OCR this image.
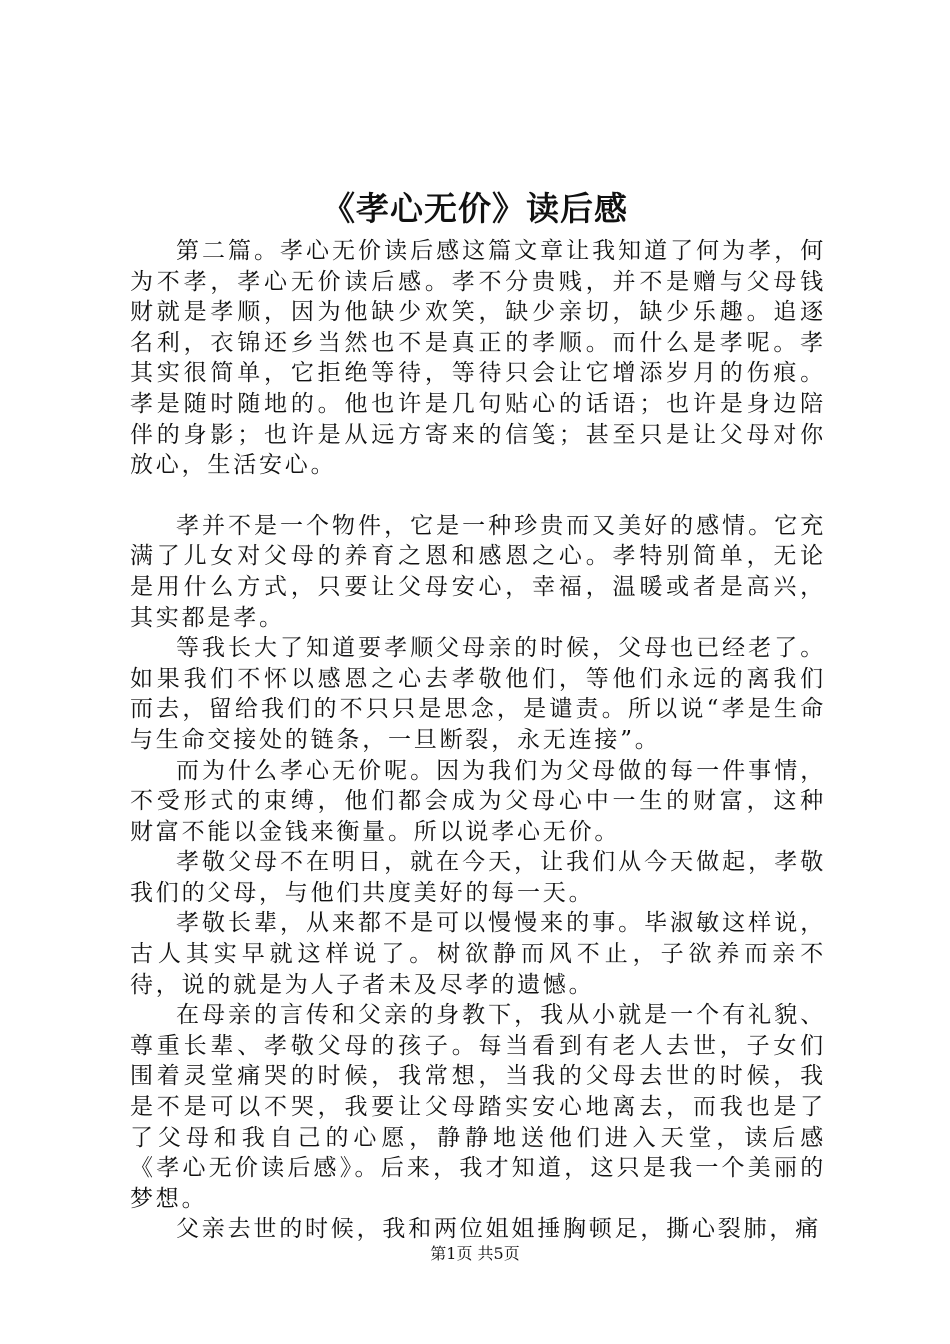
《孝心无价》读后感

第二篇。孝心无价读后感这篇文章让我知道了何为孝，何为不孝，孝心无价读后感。孝不分贵贱，并不是赠与父母钱财就是孝顺，因为他缺少欢笑，缺少亲切，缺少乐趣。追逐名利，衣锦还乡当然也不是真正的孝顺。而什么是孝呢。孝其实很简单，它拒绝等待，等待只会让它增添岁月的伤痕。孝是随时随地的。他也许是几句贴心的话语；也许是身边陪伴的身影；也许是从远方寄来的信笺；甚至只是让父母对你放心，生活安心。

孝并不是一个物件，它是一种珍贵而又美好的感情。它充满了儿女对父母的养育之恩和感恩之心。孝特别简单，无论是用什么方式，只要让父母安心，幸福，温暖或者是高兴，其实都是孝。

等我长大了知道要孝顺父母亲的时候，父母也已经老了。如果我们不怀以感恩之心去孝敬他们，等他们永远的离我们而去，留给我们的不只只是思念，是谴责。所以说“孝是生命与生命交接处的链条，一旦断裂，永无连接”。

而为什么孝心无价呢。因为我们为父母做的每一件事情，不受形式的束缚，他们都会成为父母心中一生的财富，这种财富不能以金钱来衡量。所以说孝心无价。

孝敬父母不在明日，就在今天，让我们从今天做起，孝敬我们的父母，与他们共度美好的每一天。

孝敬长辈，从来都不是可以慢慢来的事。毕淑敏这样说，古人其实早就这样说了。树欲静而风不止，子欲养而亲不待，说的就是为人子者未及尽孝的遗憾。

在母亲的言传和父亲的身教下，我从小就是一个有礼貌、尊重长辈、孝敬父母的孩子。每当看到有老人去世，子女们围着灵堂痛哭的时候，我常想，当我的父母去世的时候，我是不是可以不哭，我要让父母踏实安心地离去，而我也是了了父母和我自己的心愿，静静地送他们进入天堂，读后感《孝心无价读后感》。后来，我才知道，这只是我一个美丽的梦想。

父亲去世的时候，我和两位姐姐捶胸顿足，撕心裂肺，痛

第1页 共5页
